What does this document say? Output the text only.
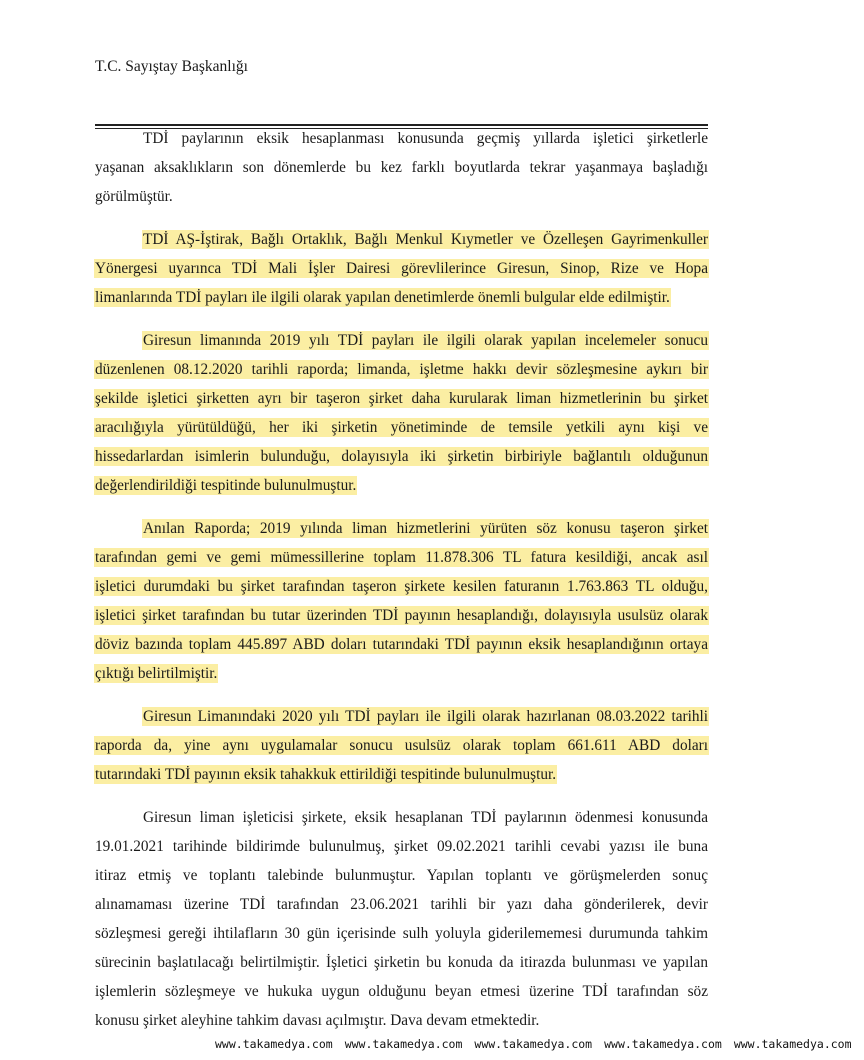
T.C. Sayıştay Başkanlığı
TDİ paylarının eksik hesaplanması konusunda geçmiş yıllarda işletici şirketlerle
yaşanan aksaklıkların son dönemlerde bu kez farklı boyutlarda tekrar yaşanmaya başladığı
görülmüştür.
TDİ AŞ-İştirak, Bağlı Ortaklık, Bağlı Menkul Kıymetler ve Özelleşen Gayrimenkuller
Yönergesi uyarınca TDİ Mali İşler Dairesi görevlilerince Giresun, Sinop, Rize ve Hopa
limanlarında TDİ payları ile ilgili olarak yapılan denetimlerde önemli bulgular elde edilmiştir.
Giresun limanında 2019 yılı TDİ payları ile ilgili olarak yapılan incelemeler sonucu
düzenlenen 08.12.2020 tarihli raporda; limanda, işletme hakkı devir sözleşmesine aykırı bir
şekilde işletici şirketten ayrı bir taşeron şirket daha kurularak liman hizmetlerinin bu şirket
aracılığıyla yürütüldüğü, her iki şirketin yönetiminde de temsile yetkili aynı kişi ve
hissedarlardan isimlerin bulunduğu, dolayısıyla iki şirketin birbiriyle bağlantılı olduğunun
değerlendirildiği tespitinde bulunulmuştur.
Anılan Raporda; 2019 yılında liman hizmetlerini yürüten söz konusu taşeron şirket
tarafından gemi ve gemi mümessillerine toplam 11.878.306 TL fatura kesildiği, ancak asıl
işletici durumdaki bu şirket tarafından taşeron şirkete kesilen faturanın 1.763.863 TL olduğu,
işletici şirket tarafından bu tutar üzerinden TDİ payının hesaplandığı, dolayısıyla usulsüz olarak
döviz bazında toplam 445.897 ABD doları tutarındaki TDİ payının eksik hesaplandığının ortaya
çıktığı belirtilmiştir.
Giresun Limanındaki 2020 yılı TDİ payları ile ilgili olarak hazırlanan 08.03.2022 tarihli
raporda da, yine aynı uygulamalar sonucu usulsüz olarak toplam 661.611 ABD doları
tutarındaki TDİ payının eksik tahakkuk ettirildiği tespitinde bulunulmuştur.
Giresun liman işleticisi şirkete, eksik hesaplanan TDİ paylarının ödenmesi konusunda
19.01.2021 tarihinde bildirimde bulunulmuş, şirket 09.02.2021 tarihli cevabi yazısı ile buna
itiraz etmiş ve toplantı talebinde bulunmuştur. Yapılan toplantı ve görüşmelerden sonuç
alınamaması üzerine TDİ tarafından 23.06.2021 tarihli bir yazı daha gönderilerek, devir
sözleşmesi gereği ihtilafların 30 gün içerisinde sulh yoluyla giderilememesi durumunda tahkim
sürecinin başlatılacağı belirtilmiştir. İşletici şirketin bu konuda da itirazda bulunması ve yapılan
işlemlerin sözleşmeye ve hukuka uygun olduğunu beyan etmesi üzerine TDİ tarafından söz
konusu şirket aleyhine tahkim davası açılmıştır. Dava devam etmektedir.
www.takamedya.com www.takamedya.com www.takamedya.com www.takamedya.com www.takamedya.com
